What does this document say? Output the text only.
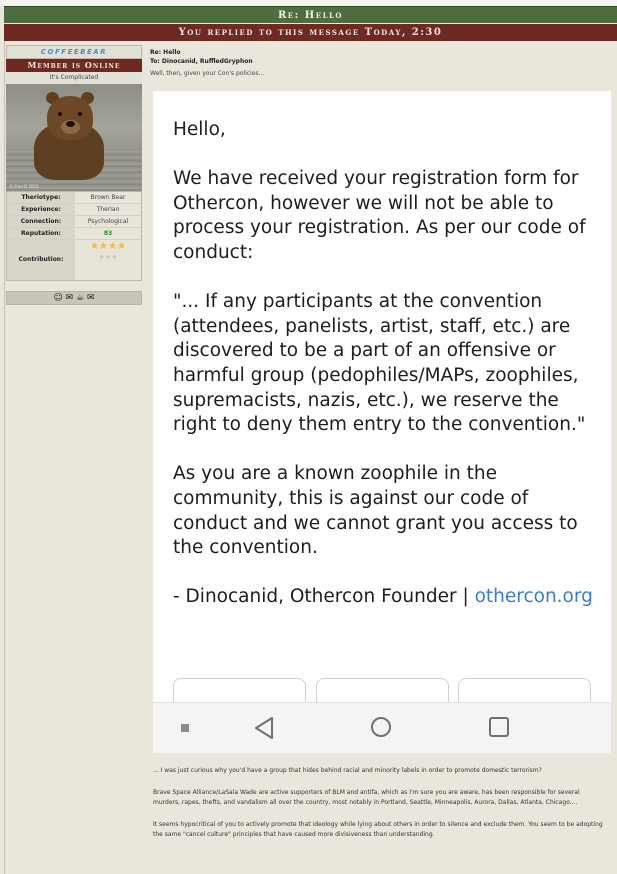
Re: Hello
You replied to this message Today, 2:30
COFFEEBEAR
Member is Online
It's Complicated
© Fran D 2015
Theriotype:	Brown Bear
Experience:	Therian
Connection:	Psychological
Reputation:	83
Contribution:
★★★★
★★★
☺ ✉ ☕ ✉
Re: Hello
To: Dinocanid, RuffledGryphon
Well, then, given your Con's policies...

Hello,

We have received your registration form for Othercon, however we will not be able to process your registration. As per our code of conduct:

"... If any participants at the convention (attendees, panelists, artist, staff, etc.) are discovered to be a part of an offensive or harmful group (pedophiles/MAPs, zoophiles, supremacists, nazis, etc.), we reserve the right to deny them entry to the convention."

As you are a known zoophile in the community, this is against our code of conduct and we cannot grant you access to the convention.

- Dinocanid, Othercon Founder | othercon.org

... I was just curious why you'd have a group that hides behind racial and minority labels in order to promote domestic terrorism?

Brave Space Alliance/LaSala Wade are active supporters of BLM and antifa, which as I'm sure you are aware, has been responsible for several murders, rapes, thefts, and vandalism all over the country, most notably in Portland, Seattle, Minneapolis, Aurora, Dallas, Atlanta, Chicago....

It seems hypocritical of you to actively promote that ideology while lying about others in order to silence and exclude them. You seem to be adopting the same "cancel culture" principles that have caused more divisiveness than understanding.
